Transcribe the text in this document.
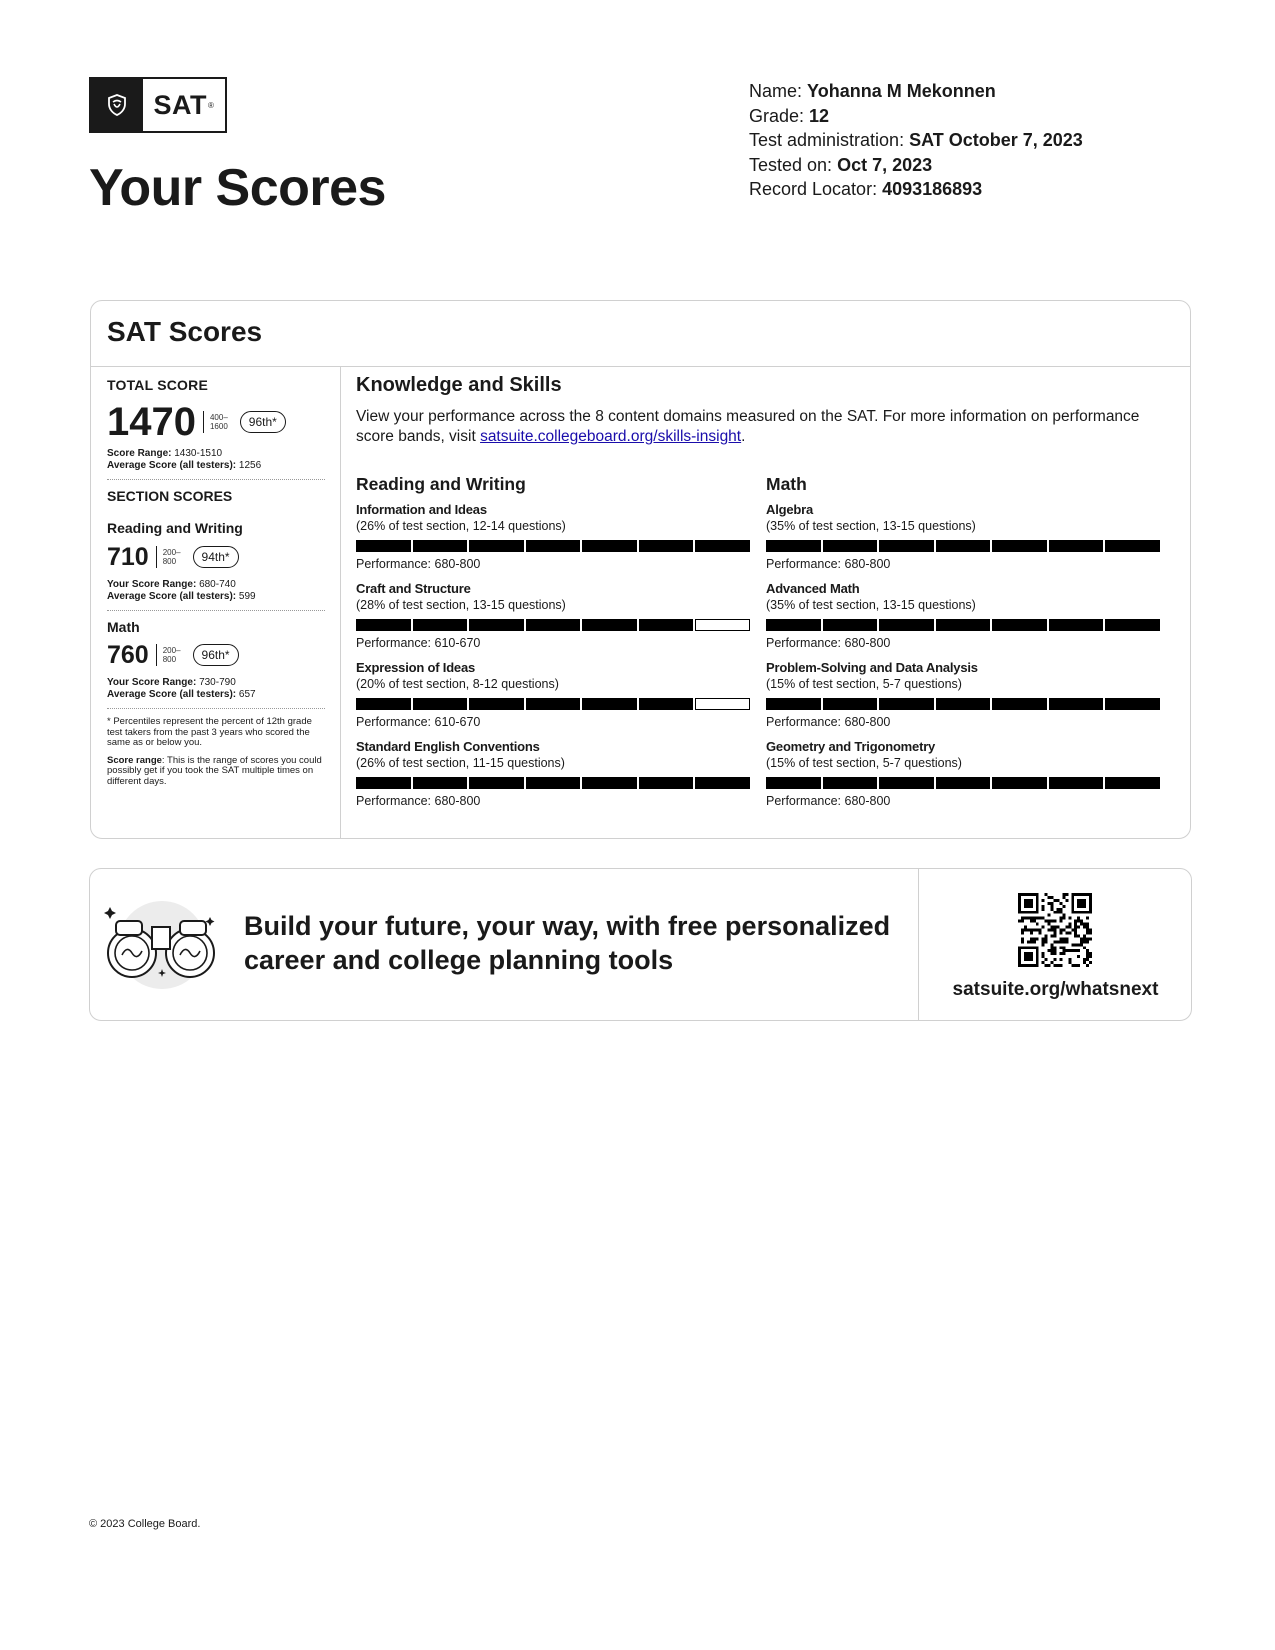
SAT ®
Your Scores
Name: Yohanna M Mekonnen
Grade: 12
Test administration: SAT October 7, 2023
Tested on: Oct 7, 2023
Record Locator: 4093186893
SAT Scores
TOTAL SCORE
1470 400–
1600	96th*
Score Range: 1430-1510
Average Score (all testers): 1256
SECTION SCORES
Reading and Writing
710 200–
800	94th*
Your Score Range: 680-740
Average Score (all testers): 599
Math
760 200–
800	96th*
Your Score Range: 730-790
Average Score (all testers): 657
* Percentiles represent the percent of 12th grade test takers from the past 3 years who scored the same as or below you.
Score range: This is the range of scores you could possibly get if you took the SAT multiple times on different days.
Knowledge and Skills
View your performance across the 8 content domains measured on the SAT. For more information on performance score bands, visit satsuite.collegeboard.org/skills-insight.
Reading and Writing
Information and Ideas
(26% of test section, 12-14 questions)
Performance: 680-800
Craft and Structure
(28% of test section, 13-15 questions)
Performance: 610-670
Expression of Ideas
(20% of test section, 8-12 questions)
Performance: 610-670
Standard English Conventions
(26% of test section, 11-15 questions)
Performance: 680-800
Math
Algebra
(35% of test section, 13-15 questions)
Performance: 680-800
Advanced Math
(35% of test section, 13-15 questions)
Performance: 680-800
Problem-Solving and Data Analysis
(15% of test section, 5-7 questions)
Performance: 680-800
Geometry and Trigonometry
(15% of test section, 5-7 questions)
Performance: 680-800
Build your future, your way, with free personalized
career and college planning tools
satsuite.org/whatsnext
© 2023 College Board.
